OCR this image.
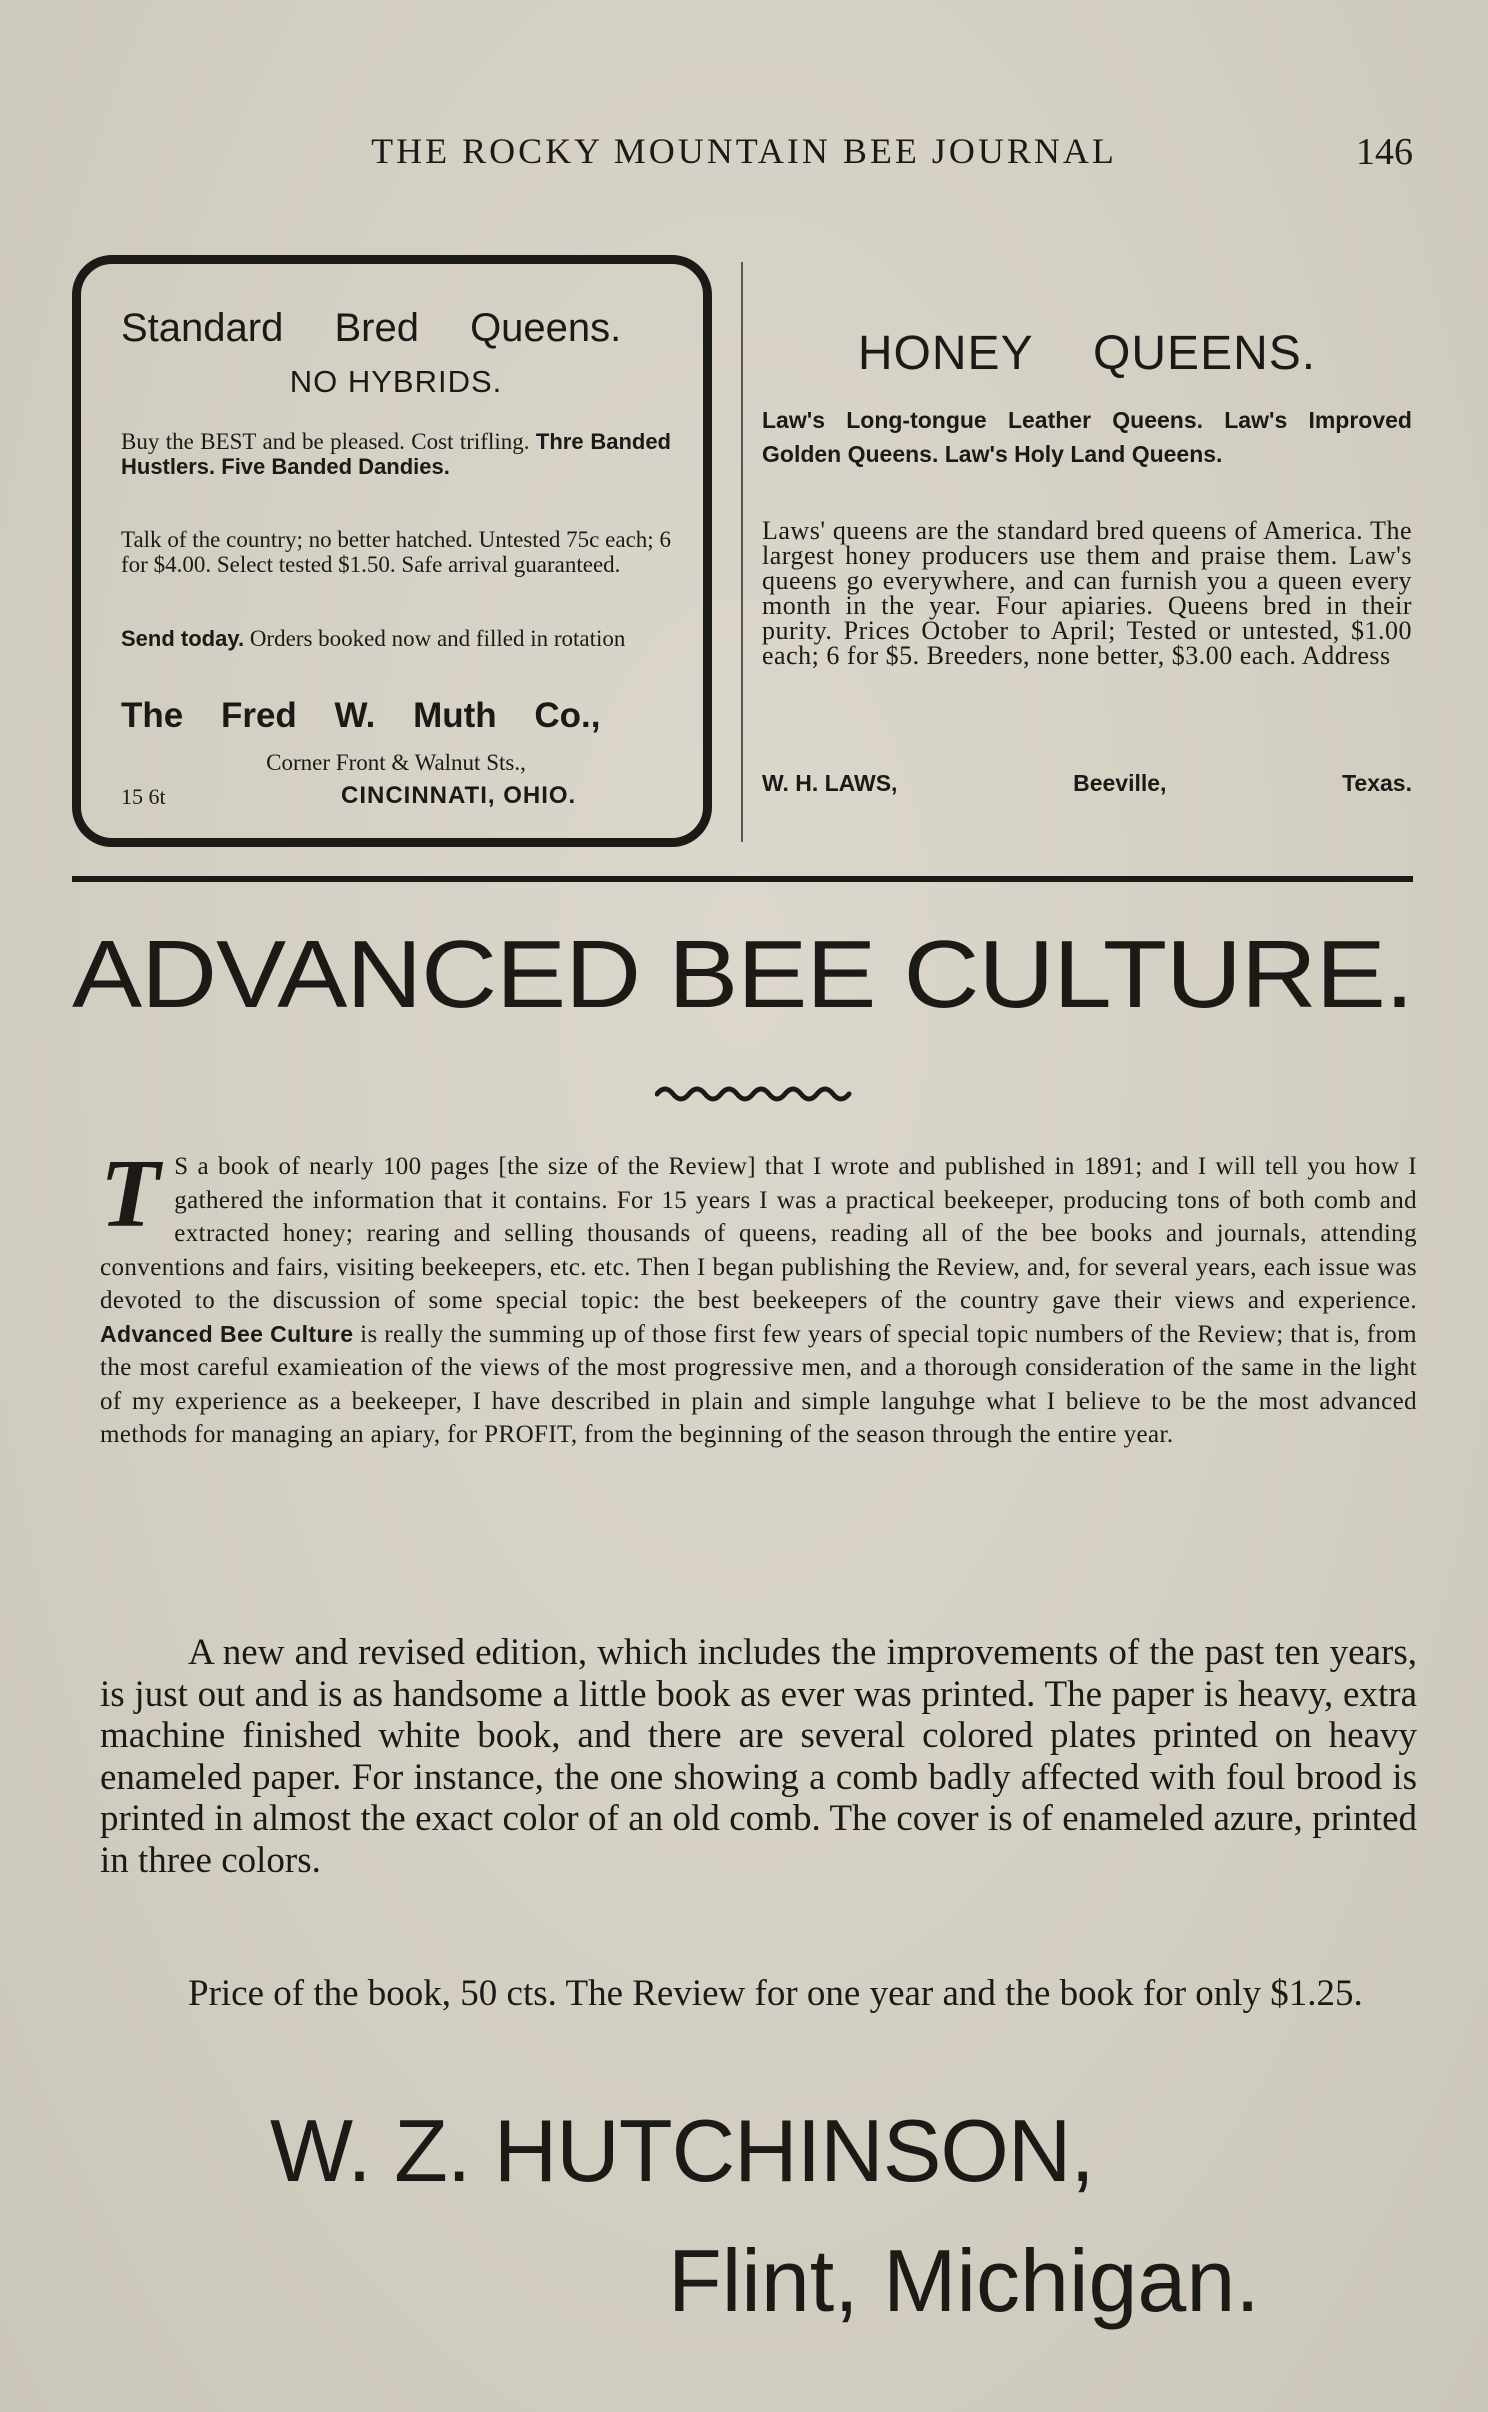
THE ROCKY MOUNTAIN BEE JOURNAL	146
Standard Bred Queens.
NO HYBRIDS.
Buy the BEST and be pleased. Cost trifling. Thre Banded Hustlers. Five Banded Dandies.
Talk of the country; no better hatched. Untested 75c each; 6 for $4.00. Select tested $1.50. Safe arrival guaranteed.
Send today. Orders booked now and filled in rotation
The Fred W. Muth Co.,
Corner Front & Walnut Sts.,
15 6t	CINCINNATI, OHIO.
HONEY QUEENS.
Law's Long-tongue Leather Queens. Law's Improved Golden Queens. Law's Holy Land Queens.
Laws' queens are the standard bred queens of America. The largest honey producers use them and praise them. Law's queens go everywhere, and can furnish you a queen every month in the year. Four apiaries. Queens bred in their purity. Prices October to April; Tested or untested, $1.00 each; 6 for $5. Breeders, none better, $3.00 each. Address
W. H. LAWS,	Beeville,	Texas.
ADVANCED BEE CULTURE.
T S a book of nearly 100 pages [the size of the Review] that I wrote and published in 1891; and I will tell you how I gathered the information that it contains. For 15 years I was a practical beekeeper, producing tons of both comb and extracted honey; rearing and selling thousands of queens, reading all of the bee books and journals, attending conventions and fairs, visiting beekeepers, etc. etc. Then I began publishing the Review, and, for several years, each issue was devoted to the discussion of some special topic: the best beekeepers of the country gave their views and experience. Advanced Bee Culture is really the summing up of those first few years of special topic numbers of the Review; that is, from the most careful examieation of the views of the most progressive men, and a thorough consideration of the same in the light of my experience as a beekeeper, I have described in plain and simple languhge what I believe to be the most advanced methods for managing an apiary, for PROFIT, from the beginning of the season through the entire year.
A new and revised edition, which includes the improvements of the past ten years, is just out and is as handsome a little book as ever was printed. The paper is heavy, extra machine finished white book, and there are several colored plates printed on heavy enameled paper. For instance, the one showing a comb badly affected with foul brood is printed in almost the exact color of an old comb. The cover is of enameled azure, printed in three colors.
Price of the book, 50 cts. The Review for one year and the book for only $1.25.
W. Z. HUTCHINSON,
Flint, Michigan.
